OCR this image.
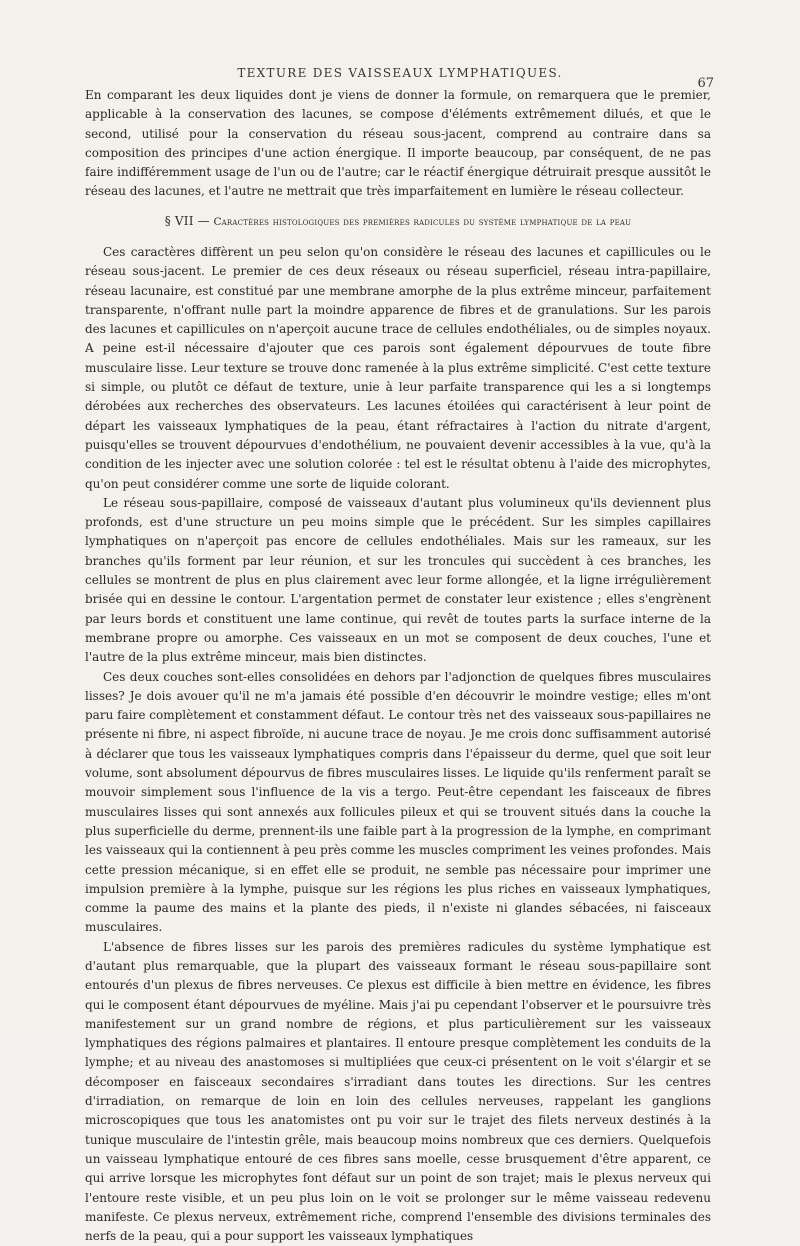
TEXTURE DES VAISSEAUX LYMPHATIQUES.
67

En comparant les deux liquides dont je viens de donner la formule, on remarquera que le premier, applicable à la conservation des lacunes, se compose d'éléments extrêmement dilués, et que le second, utilisé pour la conservation du réseau sous-jacent, comprend au contraire dans sa composition des principes d'une action énergique. Il importe beaucoup, par conséquent, de ne pas faire indifféremment usage de l'un ou de l'autre; car le réactif énergique détruirait presque aussitôt le réseau des lacunes, et l'autre ne mettrait que très imparfaitement en lumière le réseau collecteur.

§ VII — Caractères histologiques des premières radicules du système lymphatique de la peau

Ces caractères diffèrent un peu selon qu'on considère le réseau des lacunes et capillicules ou le réseau sous-jacent. Le premier de ces deux réseaux ou réseau superficiel, réseau intra-papillaire, réseau lacunaire, est constitué par une membrane amorphe de la plus extrême minceur, parfaitement transparente, n'offrant nulle part la moindre apparence de fibres et de granulations. Sur les parois des lacunes et capillicules on n'aperçoit aucune trace de cellules endothéliales, ou de simples noyaux. A peine est-il nécessaire d'ajouter que ces parois sont également dépourvues de toute fibre musculaire lisse. Leur texture se trouve donc ramenée à la plus extrême simplicité. C'est cette texture si simple, ou plutôt ce défaut de texture, unie à leur parfaite transparence qui les a si longtemps dérobées aux recherches des observateurs. Les lacunes étoilées qui caractérisent à leur point de départ les vaisseaux lymphatiques de la peau, étant réfractaires à l'action du nitrate d'argent, puisqu'elles se trouvent dépourvues d'endothélium, ne pouvaient devenir accessibles à la vue, qu'à la condition de les injecter avec une solution colorée : tel est le résultat obtenu à l'aide des microphytes, qu'on peut considérer comme une sorte de liquide colorant.

Le réseau sous-papillaire, composé de vaisseaux d'autant plus volumineux qu'ils deviennent plus profonds, est d'une structure un peu moins simple que le précédent. Sur les simples capillaires lymphatiques on n'aperçoit pas encore de cellules endothéliales. Mais sur les rameaux, sur les branches qu'ils forment par leur réunion, et sur les troncules qui succèdent à ces branches, les cellules se montrent de plus en plus clairement avec leur forme allongée, et la ligne irrégulièrement brisée qui en dessine le contour. L'argentation permet de constater leur existence ; elles s'engrènent par leurs bords et constituent une lame continue, qui revêt de toutes parts la surface interne de la membrane propre ou amorphe. Ces vaisseaux en un mot se composent de deux couches, l'une et l'autre de la plus extrême minceur, mais bien distinctes.

Ces deux couches sont-elles consolidées en dehors par l'adjonction de quelques fibres musculaires lisses? Je dois avouer qu'il ne m'a jamais été possible d'en découvrir le moindre vestige; elles m'ont paru faire complètement et constamment défaut. Le contour très net des vaisseaux sous-papillaires ne présente ni fibre, ni aspect fibroïde, ni aucune trace de noyau. Je me crois donc suffisamment autorisé à déclarer que tous les vaisseaux lymphatiques compris dans l'épaisseur du derme, quel que soit leur volume, sont absolument dépourvus de fibres musculaires lisses. Le liquide qu'ils renferment paraît se mouvoir simplement sous l'influence de la vis a tergo. Peut-être cependant les faisceaux de fibres musculaires lisses qui sont annexés aux follicules pileux et qui se trouvent situés dans la couche la plus superficielle du derme, prennent-ils une faible part à la progression de la lymphe, en comprimant les vaisseaux qui la contiennent à peu près comme les muscles compriment les veines profondes. Mais cette pression mécanique, si en effet elle se produit, ne semble pas nécessaire pour imprimer une impulsion première à la lymphe, puisque sur les régions les plus riches en vaisseaux lymphatiques, comme la paume des mains et la plante des pieds, il n'existe ni glandes sébacées, ni faisceaux musculaires.

L'absence de fibres lisses sur les parois des premières radicules du système lymphatique est d'autant plus remarquable, que la plupart des vaisseaux formant le réseau sous-papillaire sont entourés d'un plexus de fibres nerveuses. Ce plexus est difficile à bien mettre en évidence, les fibres qui le composent étant dépourvues de myéline. Mais j'ai pu cependant l'observer et le poursuivre très manifestement sur un grand nombre de régions, et plus particulièrement sur les vaisseaux lymphatiques des régions palmaires et plantaires. Il entoure presque complètement les conduits de la lymphe; et au niveau des anastomoses si multipliées que ceux-ci présentent on le voit s'élargir et se décomposer en faisceaux secondaires s'irradiant dans toutes les directions. Sur les centres d'irradiation, on remarque de loin en loin des cellules nerveuses, rappelant les ganglions microscopiques que tous les anatomistes ont pu voir sur le trajet des filets nerveux destinés à la tunique musculaire de l'intestin grêle, mais beaucoup moins nombreux que ces derniers. Quelquefois un vaisseau lymphatique entouré de ces fibres sans moelle, cesse brusquement d'être apparent, ce qui arrive lorsque les microphytes font défaut sur un point de son trajet; mais le plexus nerveux qui l'entoure reste visible, et un peu plus loin on le voit se prolonger sur le même vaisseau redevenu manifeste. Ce plexus nerveux, extrêmement riche, comprend l'ensemble des divisions terminales des nerfs de la peau, qui a pour support les vaisseaux lymphatiques
